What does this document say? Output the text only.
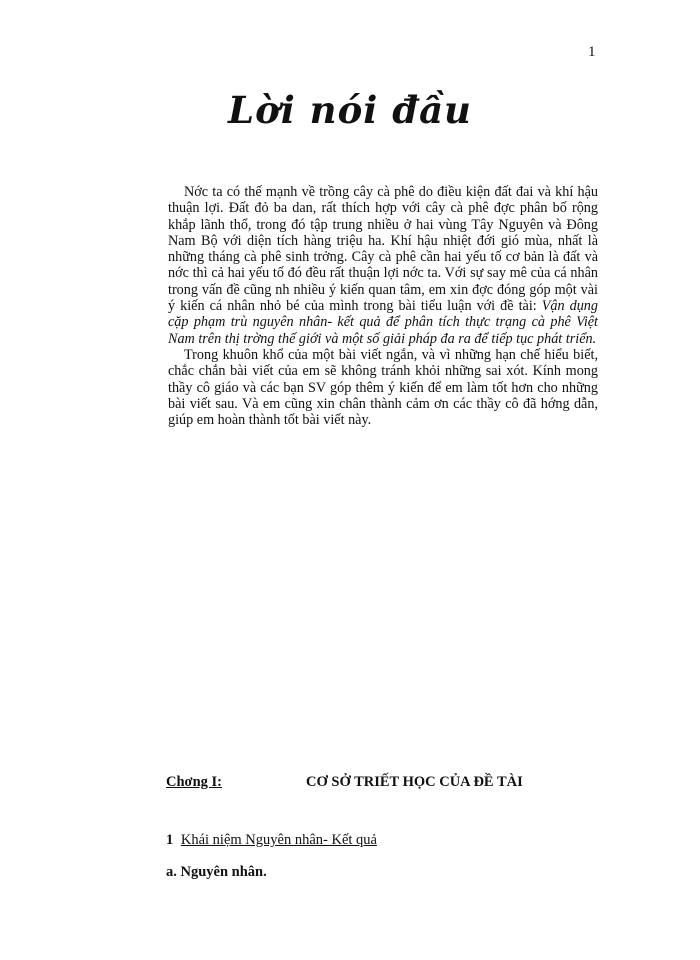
1
Lời nói đầu

Nớc ta có thế mạnh về trồng cây cà phê do điều kiện đất đai và khí hậu thuận lợi. Đất đỏ ba dan, rất thích hợp với cây cà phê đợc phân bố rộng khắp lãnh thổ, trong đó tập trung nhiều ở hai vùng Tây Nguyên và Đông Nam Bộ với diện tích hàng triệu ha. Khí hậu nhiệt đới gió mùa, nhất là những tháng cà phê sinh trởng. Cây cà phê cần hai yếu tố cơ bản là đất và nớc thì cả hai yếu tố đó đều rất thuận lợi nớc ta. Với sự say mê của cá nhân trong vấn đề cũng nh nhiều ý kiến quan tâm, em xin đợc đóng góp một vài ý kiến cá nhân nhỏ bé của mình trong bài tiểu luận với đề tài: Vận dụng cặp phạm trù nguyên nhân- kết quả để phân tích thực trạng cà phê Việt Nam trên thị trờng thế giới và một số giải pháp đa ra để tiếp tục phát triển.

Trong khuôn khổ của một bài viết ngắn, và vì những hạn chế hiểu biết, chắc chắn bài viết của em sẽ không tránh khỏi những sai xót. Kính mong thầy cô giáo và các bạn SV góp thêm ý kiến để em làm tốt hơn cho những bài viết sau. Và em cũng xin chân thành cảm ơn các thầy cô đã hớng dẫn, giúp em hoàn thành tốt bài viết này.

Chơng I:	CƠ SỞ TRIẾT HỌC CỦA ĐỀ TÀI
1 Khái niệm Nguyên nhân- Kết quả
a. Nguyên nhân.
